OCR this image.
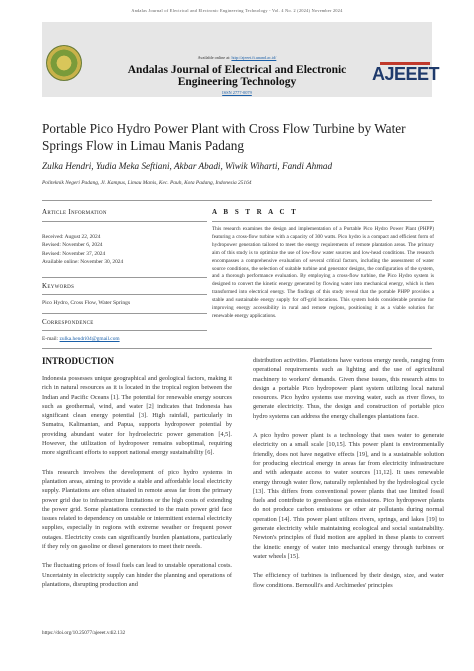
Andalas Journal of Electrical and Electronic Engineering Technology - Vol. 4 No. 2 (2024) November 2024
Available online at: http://ajeeet.ft.unand.ac.id/
Andalas Journal of Electrical and Electronic
Engineering Technology
ISSN 2777-0079
AJEEET
Portable Pico Hydro Power Plant with Cross Flow Turbine by Water Springs Flow in Limau Manis Padang
Zulka Hendri, Yudia Meka Seftiani, Akbar Abadi, Wiwik Wiharti, Fandi Ahmad
Politeknik Negeri Padang, Jl. Kampus, Limau Manis, Kec. Pauh, Kota Padang, Indonesia 25164
Article Information
Received: August 22, 2024
Revised: November 6, 2024
Revised: November 37, 2024
Available online: November 30, 2024
Keywords
Pico Hydro, Cross Flow, Water Springs
Correspondence
E-mail: zulka.hendri04@gmail.com
A B S T R A C T
This research examines the design and implementation of a Portable Pico Hydro Power Plant (PHPP) featuring a cross-flow turbine with a capacity of 300 watts. Pico hydro is a compact and efficient form of hydropower generation tailored to meet the energy requirements of remote plantation areas. The primary aim of this study is to optimize the use of low-flow water sources and low-head conditions. The research encompasses a comprehensive evaluation of several critical factors, including the assessment of water source conditions, the selection of suitable turbine and generator designs, the configuration of the system, and a thorough performance evaluation. By employing a cross-flow turbine, the Pico Hydro system is designed to convert the kinetic energy generated by flowing water into mechanical energy, which is then transformed into electrical energy. The findings of this study reveal that the portable PHPP provides a stable and sustainable energy supply for off-grid locations. This system holds considerable promise for improving energy accessibility in rural and remote regions, positioning it as a viable solution for renewable energy applications.
INTRODUCTION

Indonesia possesses unique geographical and geological factors, making it rich in natural resources as it is located in the tropical region between the Indian and Pacific Oceans [1]. The potential for renewable energy sources such as geothermal, wind, and water [2] indicates that Indonesia has significant clean energy potential [3]. High rainfall, particularly in Sumatra, Kalimantan, and Papua, supports hydropower potential by providing abundant water for hydroelectric power generation [4,5]. However, the utilization of hydropower remains suboptimal, requiring more significant efforts to support national energy sustainability [6].

This research involves the development of pico hydro systems in plantation areas, aiming to provide a stable and affordable local electricity supply. Plantations are often situated in remote areas far from the primary power grid due to infrastructure limitations or the high costs of extending the power grid. Some plantations connected to the main power grid face issues related to dependency on unstable or intermittent external electricity supplies, especially in regions with extreme weather or frequent power outages. Electricity costs can significantly burden plantations, particularly if they rely on gasoline or diesel generators to meet their needs.

The fluctuating prices of fossil fuels can lead to unstable operational costs. Uncertainty in electricity supply can hinder the planning and operations of plantations, disrupting production and

distribution activities. Plantations have various energy needs, ranging from operational requirements such as lighting and the use of agricultural machinery to workers' demands. Given these issues, this research aims to design a portable Pico hydropower plant system utilizing local natural resources. Pico hydro systems use moving water, such as river flows, to generate electricity. Thus, the design and construction of portable pico hydro systems can address the energy challenges plantations face.

A pico hydro power plant is a technology that uses water to generate electricity on a small scale [10,15]. This power plant is environmentally friendly, does not have negative effects [19], and is a sustainable solution for producing electrical energy in areas far from electricity infrastructure and with adequate access to water sources [11,12]. It uses renewable energy through water flow, naturally replenished by the hydrological cycle [13]. This differs from conventional power plants that use limited fossil fuels and contribute to greenhouse gas emissions. Pico hydropower plants do not produce carbon emissions or other air pollutants during normal operation [14]. This power plant utilizes rivers, springs, and lakes [19] to generate electricity while maintaining ecological and social sustainability. Newton's principles of fluid motion are applied in these plants to convert the kinetic energy of water into mechanical energy through turbines or water wheels [15].

The efficiency of turbines is influenced by their design, size, and water flow conditions. Bernoulli's and Archimedes' principles

https://doi.org/10.25077/ajeeet.v4i2.132
